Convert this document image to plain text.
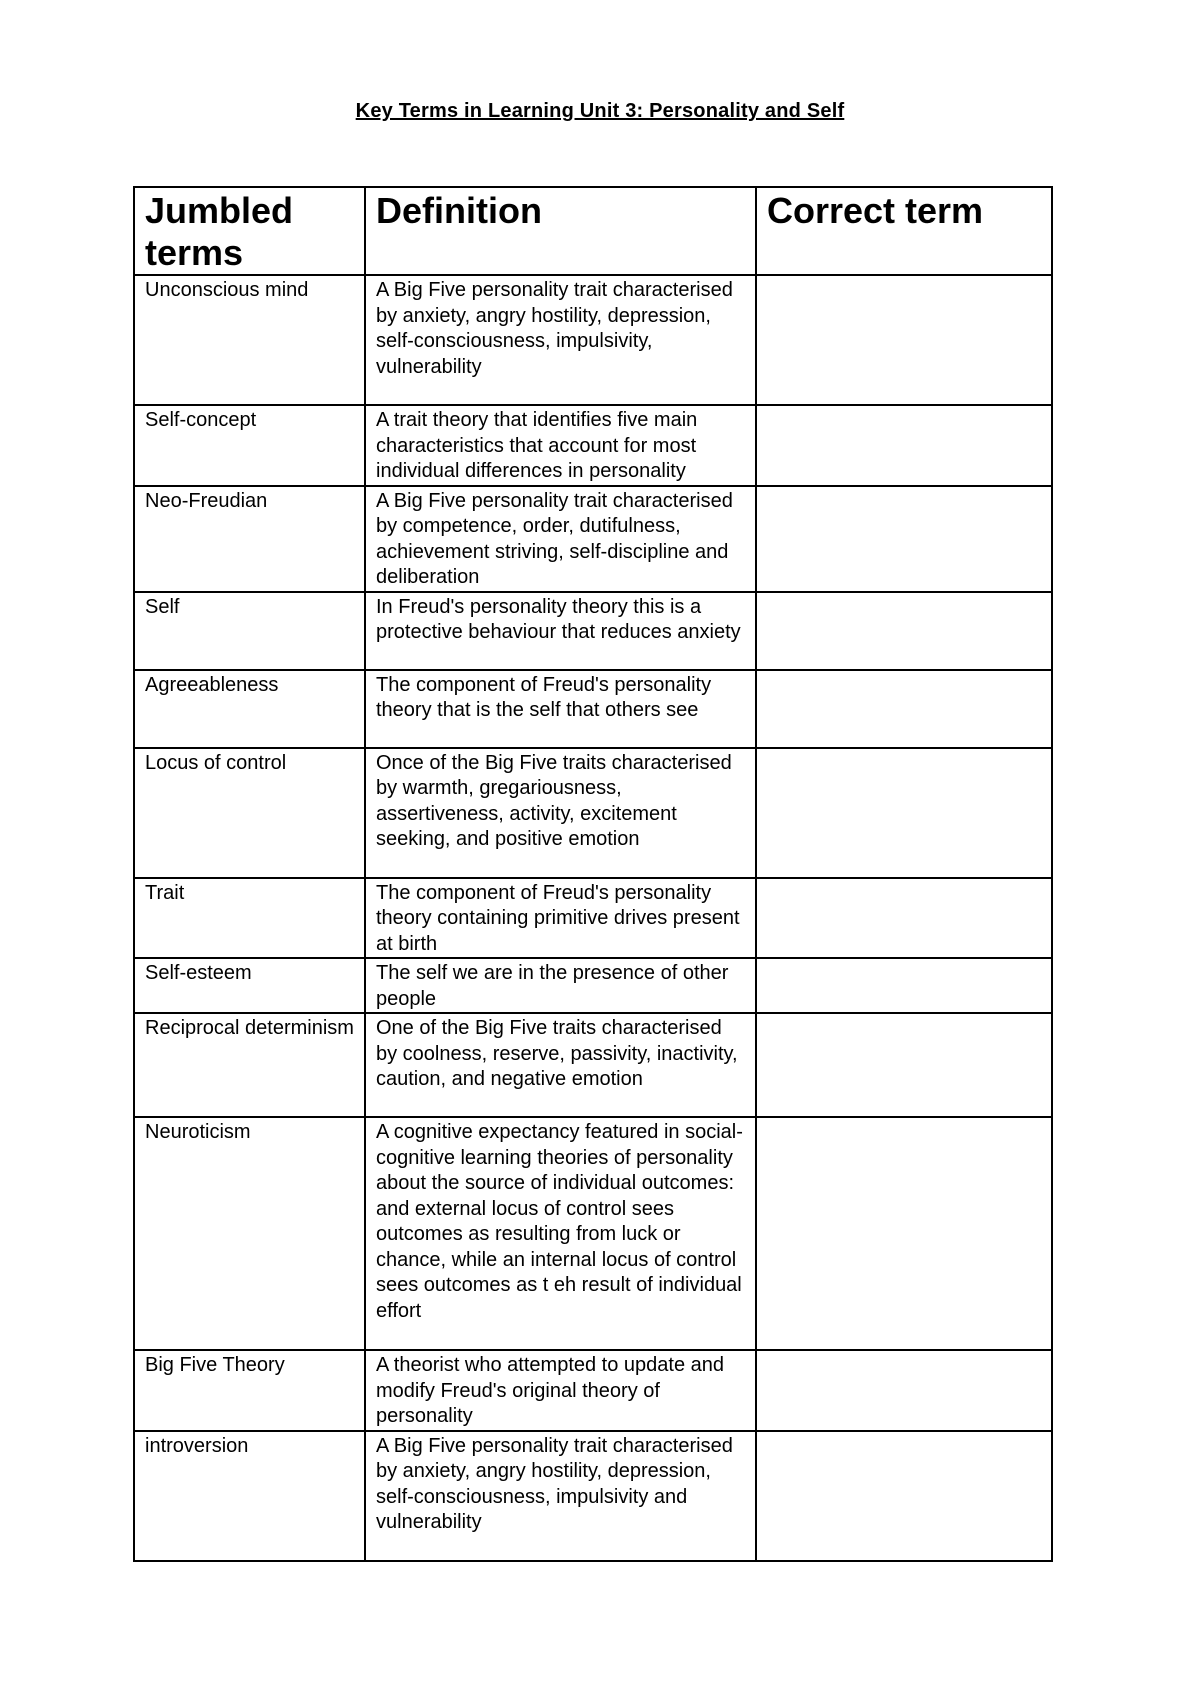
Key Terms in Learning Unit 3: Personality and Self
Jumbled terms	Definition	Correct term
Unconscious mind	A Big Five personality trait characterised by anxiety, angry hostility, depression, self-consciousness, impulsivity, vulnerability	
Self-concept	A trait theory that identifies five main characteristics that account for most individual differences in personality	
Neo-Freudian	A Big Five personality trait characterised by competence, order, dutifulness, achievement striving, self-discipline and deliberation	
Self	In Freud's personality theory this is a protective behaviour that reduces anxiety	
Agreeableness	The component of Freud's personality theory that is the self that others see	
Locus of control	Once of the Big Five traits characterised by warmth, gregariousness, assertiveness, activity, excitement seeking, and positive emotion	
Trait	The component of Freud's personality theory containing primitive drives present at birth	
Self-esteem	The self we are in the presence of other people	
Reciprocal determinism	One of the Big Five traits characterised by coolness, reserve, passivity, inactivity, caution, and negative emotion	
Neuroticism	A cognitive expectancy featured in social-cognitive learning theories of personality about the source of individual outcomes: and external locus of control sees outcomes as resulting from luck or chance, while an internal locus of control sees outcomes as t eh result of individual effort	
Big Five Theory	A theorist who attempted to update and modify Freud's original theory of personality	
introversion	A Big Five personality trait characterised by anxiety, angry hostility, depression, self-consciousness, impulsivity and vulnerability	
